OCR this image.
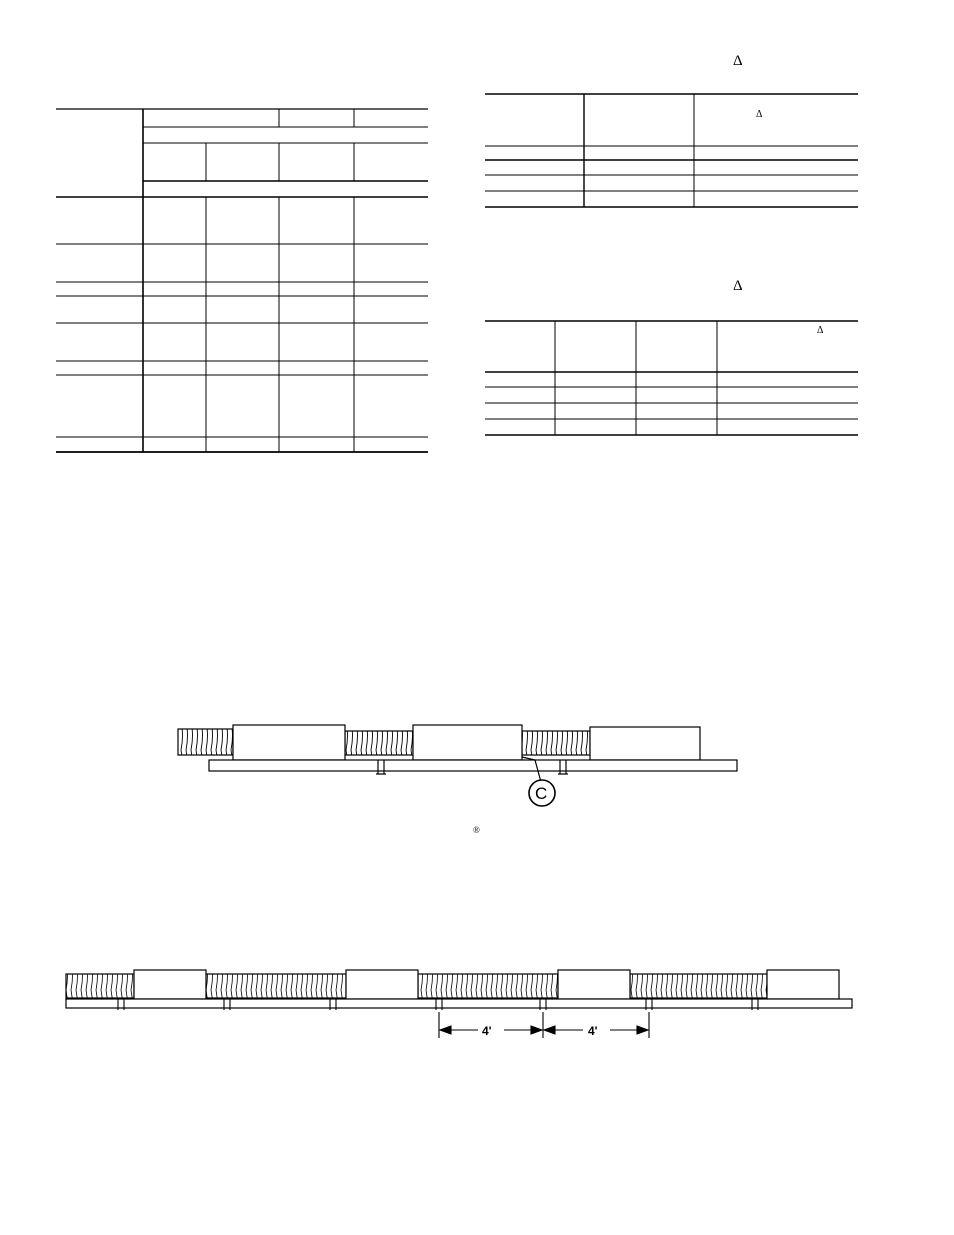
Δ
Δ
Δ
Δ
C
®
4'	4'
